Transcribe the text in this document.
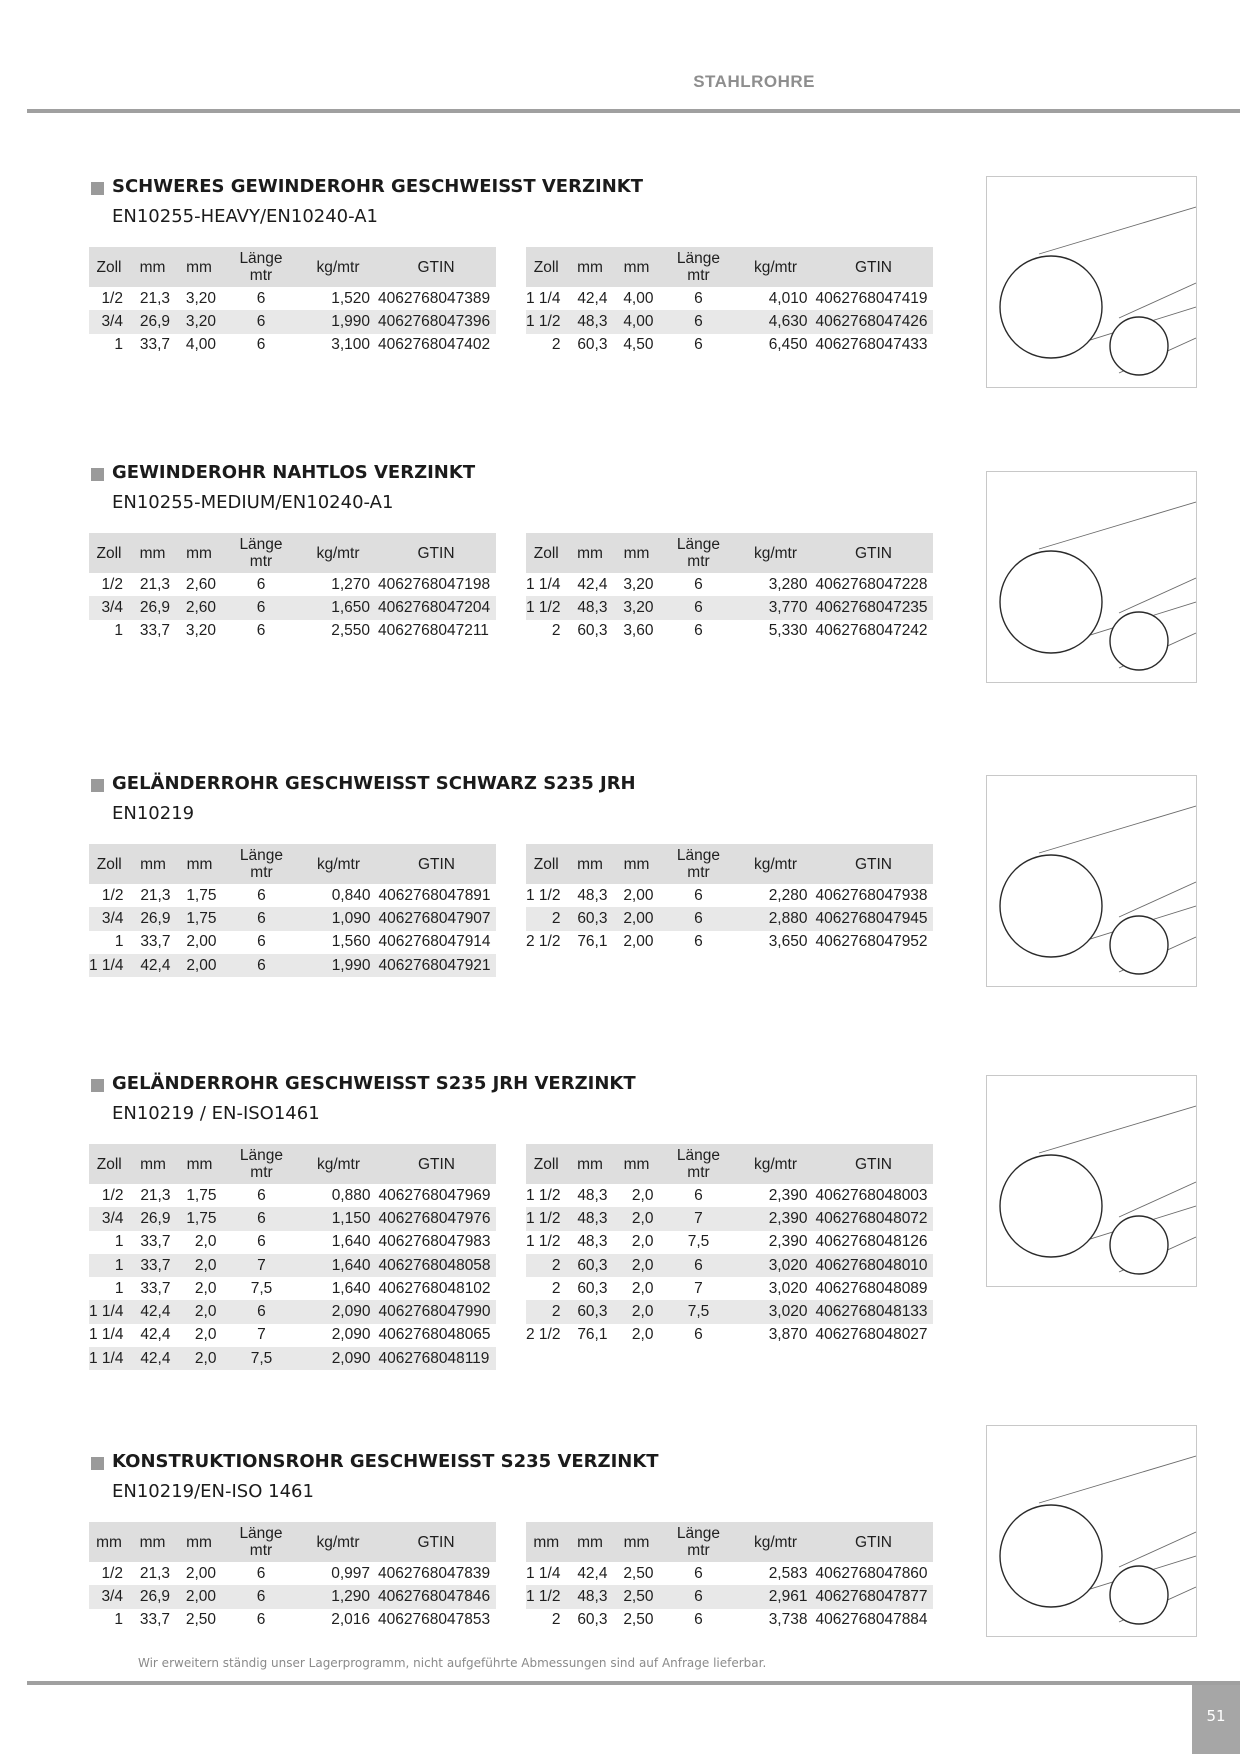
STAHLROHRE
SCHWERES GEWINDEROHR GESCHWEISST VERZINKT
EN10255-HEAVY/EN10240-A1
Zoll	mm	mm	Länge
mtr	kg/mtr	GTIN
1/2	21,3	3,20	6	1,520	4062768047389
3/4	26,9	3,20	6	1,990	4062768047396
1	33,7	4,00	6	3,100	4062768047402
Zoll	mm	mm	Länge
mtr	kg/mtr	GTIN
1 1/4	42,4	4,00	6	4,010	4062768047419
1 1/2	48,3	4,00	6	4,630	4062768047426
2	60,3	4,50	6	6,450	4062768047433
GEWINDEROHR NAHTLOS VERZINKT
EN10255-MEDIUM/EN10240-A1
Zoll	mm	mm	Länge
mtr	kg/mtr	GTIN
1/2	21,3	2,60	6	1,270	4062768047198
3/4	26,9	2,60	6	1,650	4062768047204
1	33,7	3,20	6	2,550	4062768047211
Zoll	mm	mm	Länge
mtr	kg/mtr	GTIN
1 1/4	42,4	3,20	6	3,280	4062768047228
1 1/2	48,3	3,20	6	3,770	4062768047235
2	60,3	3,60	6	5,330	4062768047242
GELÄNDERROHR GESCHWEISST SCHWARZ S235 JRH
EN10219
Zoll	mm	mm	Länge
mtr	kg/mtr	GTIN
1/2	21,3	1,75	6	0,840	4062768047891
3/4	26,9	1,75	6	1,090	4062768047907
1	33,7	2,00	6	1,560	4062768047914
1 1/4	42,4	2,00	6	1,990	4062768047921
Zoll	mm	mm	Länge
mtr	kg/mtr	GTIN
1 1/2	48,3	2,00	6	2,280	4062768047938
2	60,3	2,00	6	2,880	4062768047945
2 1/2	76,1	2,00	6	3,650	4062768047952
GELÄNDERROHR GESCHWEISST S235 JRH VERZINKT
EN10219 / EN-ISO1461
Zoll	mm	mm	Länge
mtr	kg/mtr	GTIN
1/2	21,3	1,75	6	0,880	4062768047969
3/4	26,9	1,75	6	1,150	4062768047976
1	33,7	2,0	6	1,640	4062768047983
1	33,7	2,0	7	1,640	4062768048058
1	33,7	2,0	7,5	1,640	4062768048102
1 1/4	42,4	2,0	6	2,090	4062768047990
1 1/4	42,4	2,0	7	2,090	4062768048065
1 1/4	42,4	2,0	7,5	2,090	4062768048119
Zoll	mm	mm	Länge
mtr	kg/mtr	GTIN
1 1/2	48,3	2,0	6	2,390	4062768048003
1 1/2	48,3	2,0	7	2,390	4062768048072
1 1/2	48,3	2,0	7,5	2,390	4062768048126
2	60,3	2,0	6	3,020	4062768048010
2	60,3	2,0	7	3,020	4062768048089
2	60,3	2,0	7,5	3,020	4062768048133
2 1/2	76,1	2,0	6	3,870	4062768048027
KONSTRUKTIONSROHR GESCHWEISST S235 VERZINKT
EN10219/EN-ISO 1461
mm	mm	mm	Länge
mtr	kg/mtr	GTIN
1/2	21,3	2,00	6	0,997	4062768047839
3/4	26,9	2,00	6	1,290	4062768047846
1	33,7	2,50	6	2,016	4062768047853
mm	mm	mm	Länge
mtr	kg/mtr	GTIN
1 1/4	42,4	2,50	6	2,583	4062768047860
1 1/2	48,3	2,50	6	2,961	4062768047877
2	60,3	2,50	6	3,738	4062768047884
Wir erweitern ständig unser Lagerprogramm, nicht aufgeführte Abmessungen sind auf Anfrage lieferbar.
51
